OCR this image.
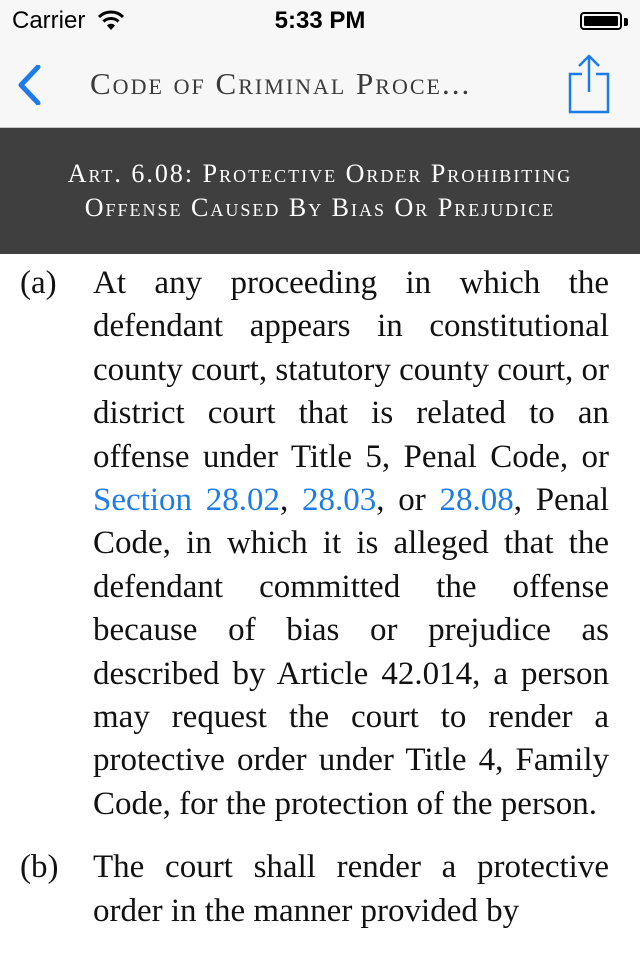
Carrier	5:33 PM
Code of Criminal Proce...
Art. 6.08: Protective Order Prohibiting
Offense Caused By Bias Or Prejudice
(a) At any proceeding in which the defendant appears in constitutional county court, statutory county court, or district court that is related to an offense under Title 5, Penal Code, or Section 28.02, 28.03, or 28.08, Penal Code, in which it is alleged that the defendant committed the offense because of bias or prejudice as described by Article 42.014, a person may request the court to render a protective order under Title 4, Family Code, for the protection of the person.
(b) The court shall render a protective order in the manner provided by
